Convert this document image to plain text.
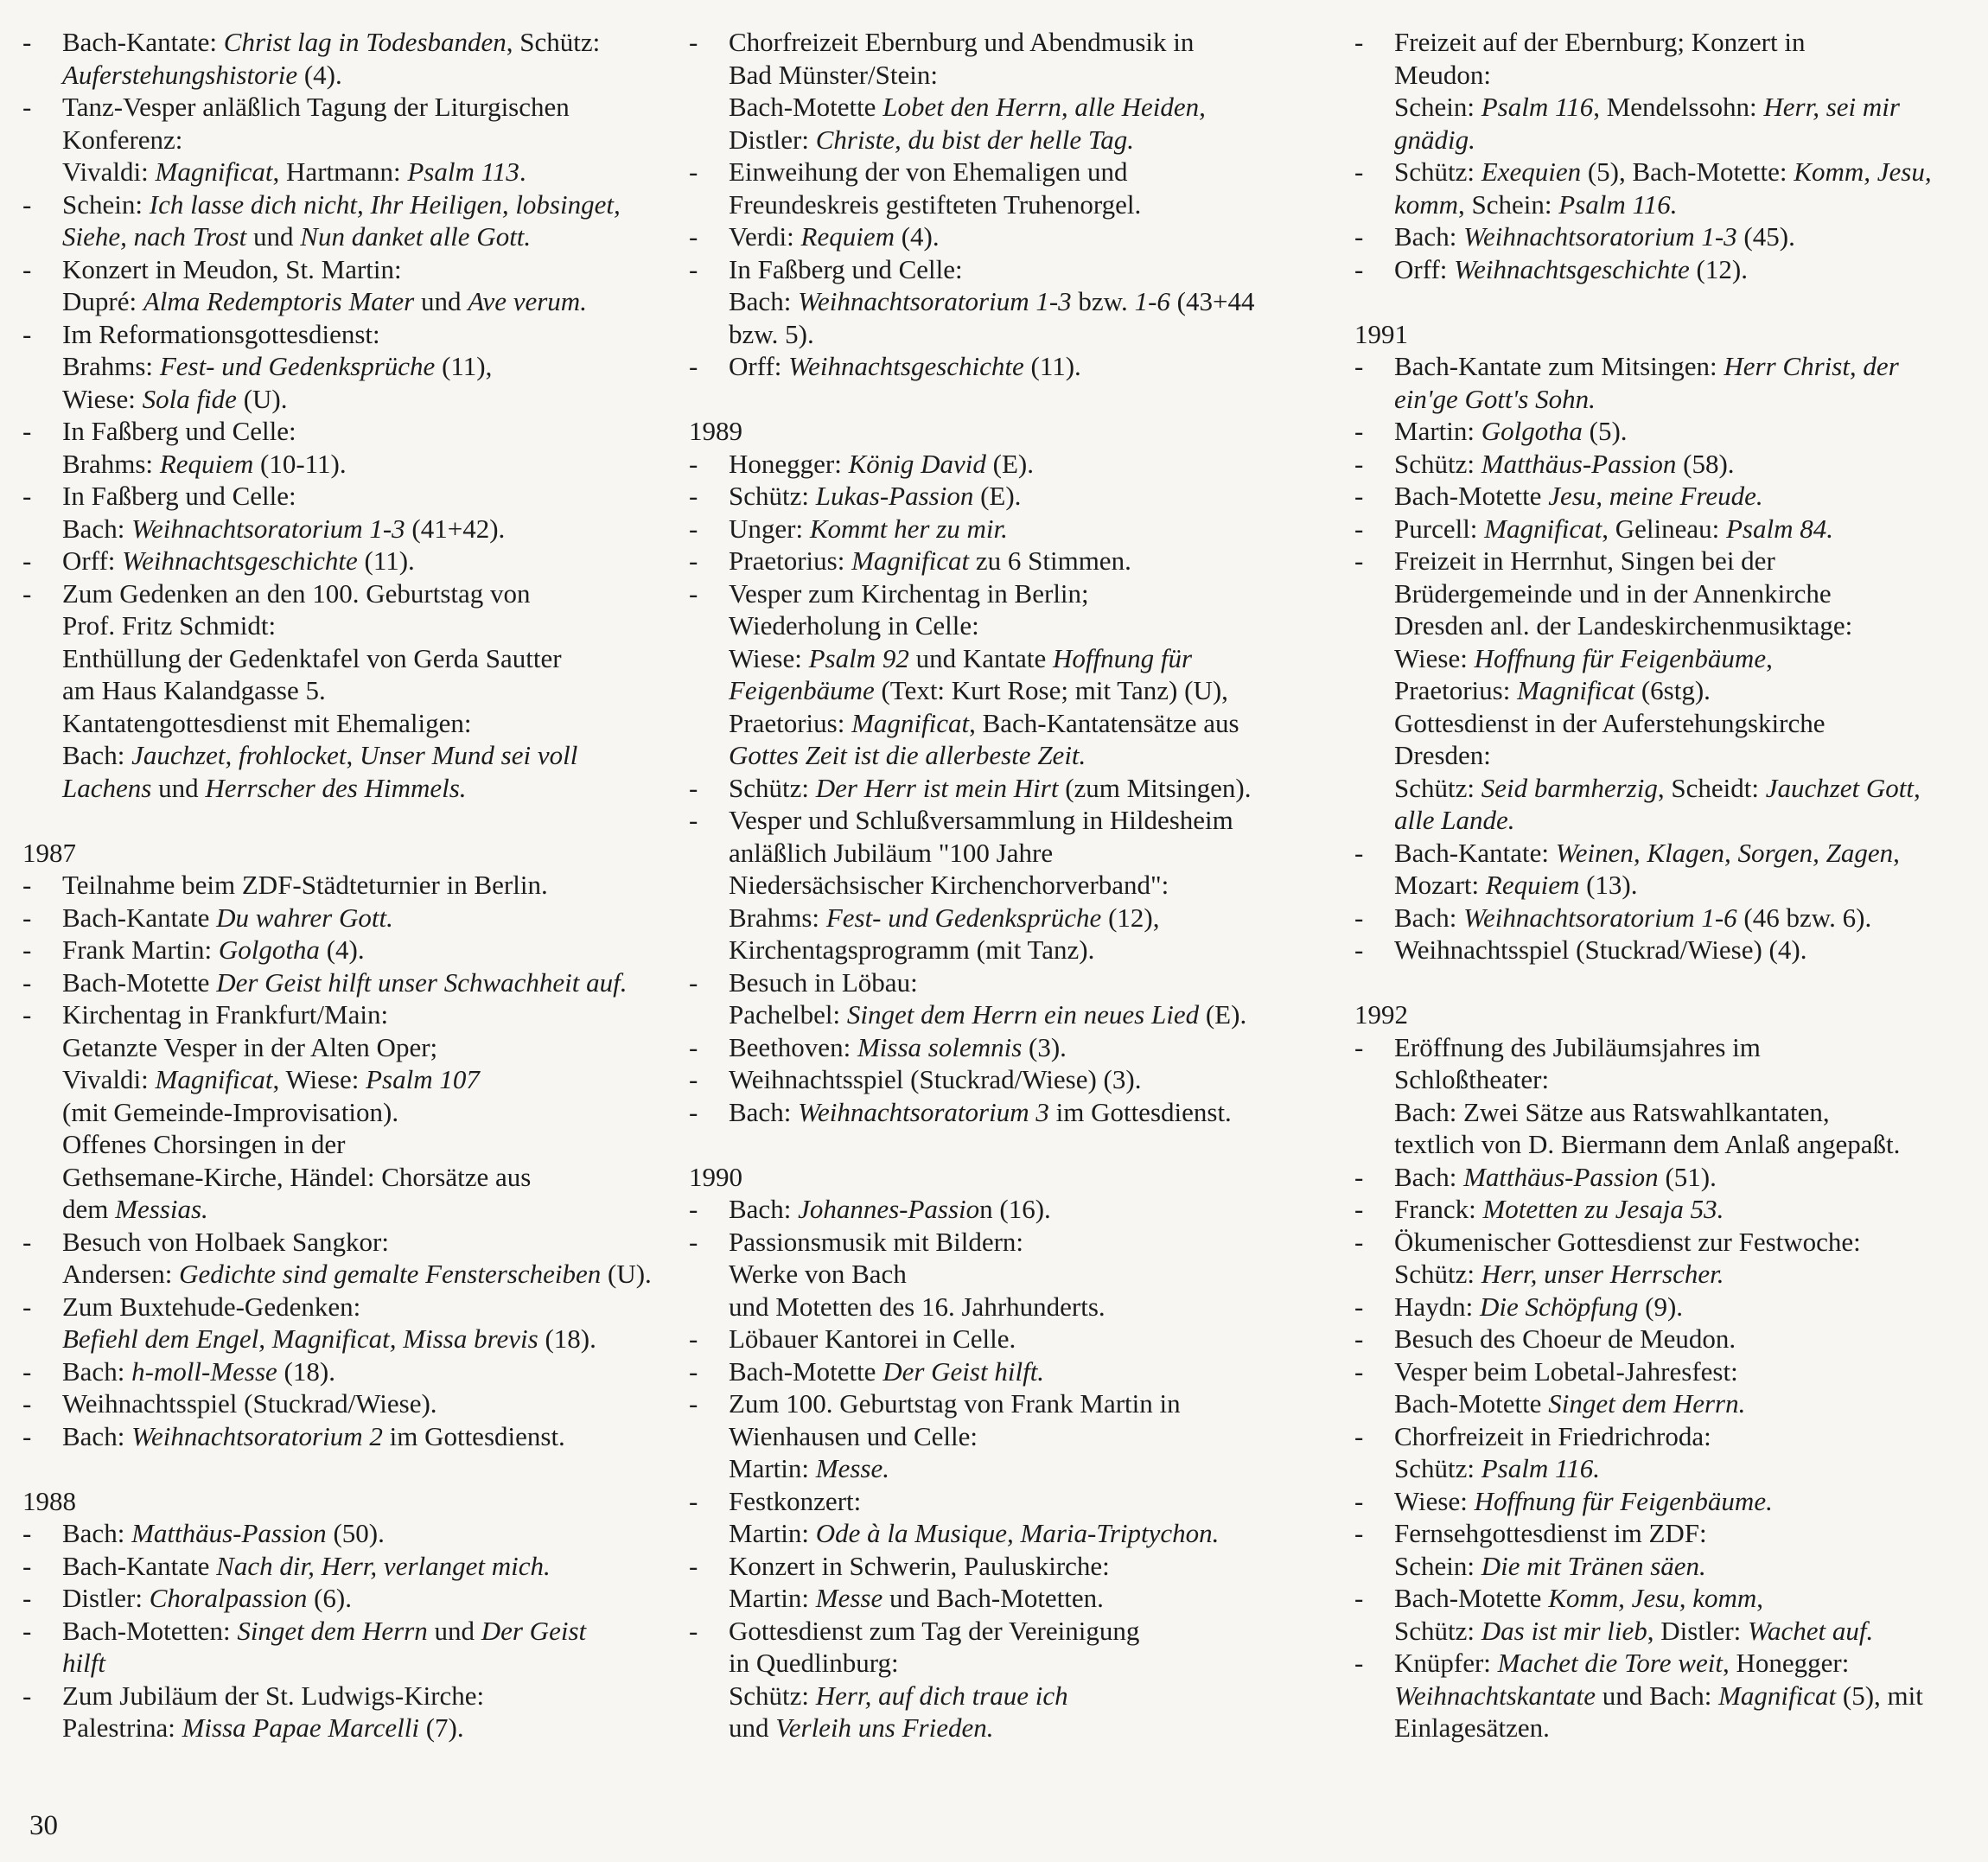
-	Bach-Kantate: Christ lag in Todesbanden, Schütz:
Auferstehungshistorie (4).
-	Tanz-Vesper anläßlich Tagung der Liturgischen
Konferenz:
Vivaldi: Magnificat, Hartmann: Psalm 113.
-	Schein: Ich lasse dich nicht, Ihr Heiligen, lobsinget,
Siehe, nach Trost und Nun danket alle Gott.
-	Konzert in Meudon, St. Martin:
Dupré: Alma Redemptoris Mater und Ave verum.
-	Im Reformationsgottesdienst:
Brahms: Fest- und Gedenksprüche (11),
Wiese: Sola fide (U).
-	In Faßberg und Celle:
Brahms: Requiem (10-11).
-	In Faßberg und Celle:
Bach: Weihnachtsoratorium 1-3 (41+42).
-	Orff: Weihnachtsgeschichte (11).
-	Zum Gedenken an den 100. Geburtstag von
Prof. Fritz Schmidt:
Enthüllung der Gedenktafel von Gerda Sautter
am Haus Kalandgasse 5.
Kantatengottesdienst mit Ehemaligen:
Bach: Jauchzet, frohlocket, Unser Mund sei voll
Lachens und Herrscher des Himmels.
1987
-	Teilnahme beim ZDF-Städteturnier in Berlin.
-	Bach-Kantate Du wahrer Gott.
-	Frank Martin: Golgotha (4).
-	Bach-Motette Der Geist hilft unser Schwachheit auf.
-	Kirchentag in Frankfurt/Main:
Getanzte Vesper in der Alten Oper;
Vivaldi: Magnificat, Wiese: Psalm 107
(mit Gemeinde-Improvisation).
Offenes Chorsingen in der
Gethsemane-Kirche, Händel: Chorsätze aus
dem Messias.
-	Besuch von Holbaek Sangkor:
Andersen: Gedichte sind gemalte Fensterscheiben (U).
-	Zum Buxtehude-Gedenken:
Befiehl dem Engel, Magnificat, Missa brevis (18).
-	Bach: h-moll-Messe (18).
-	Weihnachtsspiel (Stuckrad/Wiese).
-	Bach: Weihnachtsoratorium 2 im Gottesdienst.
1988
-	Bach: Matthäus-Passion (50).
-	Bach-Kantate Nach dir, Herr, verlanget mich.
-	Distler: Choralpassion (6).
-	Bach-Motetten: Singet dem Herrn und Der Geist
hilft
-	Zum Jubiläum der St. Ludwigs-Kirche:
Palestrina: Missa Papae Marcelli (7).
-	Chorfreizeit Ebernburg und Abendmusik in
Bad Münster/Stein:
Bach-Motette Lobet den Herrn, alle Heiden,
Distler: Christe, du bist der helle Tag.
-	Einweihung der von Ehemaligen und
Freundeskreis gestifteten Truhenorgel.
-	Verdi: Requiem (4).
-	In Faßberg und Celle:
Bach: Weihnachtsoratorium 1-3 bzw. 1-6 (43+44
bzw. 5).
-	Orff: Weihnachtsgeschichte (11).
1989
-	Honegger: König David (E).
-	Schütz: Lukas-Passion (E).
-	Unger: Kommt her zu mir.
-	Praetorius: Magnificat zu 6 Stimmen.
-	Vesper zum Kirchentag in Berlin;
Wiederholung in Celle:
Wiese: Psalm 92 und Kantate Hoffnung für
Feigenbäume (Text: Kurt Rose; mit Tanz) (U),
Praetorius: Magnificat, Bach-Kantatensätze aus
Gottes Zeit ist die allerbeste Zeit.
-	Schütz: Der Herr ist mein Hirt (zum Mitsingen).
-	Vesper und Schlußversammlung in Hildesheim
anläßlich Jubiläum "100 Jahre
Niedersächsischer Kirchenchorverband":
Brahms: Fest- und Gedenksprüche (12),
Kirchentagsprogramm (mit Tanz).
-	Besuch in Löbau:
Pachelbel: Singet dem Herrn ein neues Lied (E).
-	Beethoven: Missa solemnis (3).
-	Weihnachtsspiel (Stuckrad/Wiese) (3).
-	Bach: Weihnachtsoratorium 3 im Gottesdienst.
1990
-	Bach: Johannes-Passion (16).
-	Passionsmusik mit Bildern:
Werke von Bach
und Motetten des 16. Jahrhunderts.
-	Löbauer Kantorei in Celle.
-	Bach-Motette Der Geist hilft.
-	Zum 100. Geburtstag von Frank Martin in
Wienhausen und Celle:
Martin: Messe.
-	Festkonzert:
Martin: Ode à la Musique, Maria-Triptychon.
-	Konzert in Schwerin, Pauluskirche:
Martin: Messe und Bach-Motetten.
-	Gottesdienst zum Tag der Vereinigung
in Quedlinburg:
Schütz: Herr, auf dich traue ich
und Verleih uns Frieden.
-	Freizeit auf der Ebernburg; Konzert in
Meudon:
Schein: Psalm 116, Mendelssohn: Herr, sei mir
gnädig.
-	Schütz: Exequien (5), Bach-Motette: Komm, Jesu,
komm, Schein: Psalm 116.
-	Bach: Weihnachtsoratorium 1-3 (45).
-	Orff: Weihnachtsgeschichte (12).
1991
-	Bach-Kantate zum Mitsingen: Herr Christ, der
ein'ge Gott's Sohn.
-	Martin: Golgotha (5).
-	Schütz: Matthäus-Passion (58).
-	Bach-Motette Jesu, meine Freude.
-	Purcell: Magnificat, Gelineau: Psalm 84.
-	Freizeit in Herrnhut, Singen bei der
Brüdergemeinde und in der Annenkirche
Dresden anl. der Landeskirchenmusiktage:
Wiese: Hoffnung für Feigenbäume,
Praetorius: Magnificat (6stg).
Gottesdienst in der Auferstehungskirche
Dresden:
Schütz: Seid barmherzig, Scheidt: Jauchzet Gott,
alle Lande.
-	Bach-Kantate: Weinen, Klagen, Sorgen, Zagen,
Mozart: Requiem (13).
-	Bach: Weihnachtsoratorium 1-6 (46 bzw. 6).
-	Weihnachtsspiel (Stuckrad/Wiese) (4).
1992
-	Eröffnung des Jubiläumsjahres im
Schloßtheater:
Bach: Zwei Sätze aus Ratswahlkantaten,
textlich von D. Biermann dem Anlaß angepaßt.
-	Bach: Matthäus-Passion (51).
-	Franck: Motetten zu Jesaja 53.
-	Ökumenischer Gottesdienst zur Festwoche:
Schütz: Herr, unser Herrscher.
-	Haydn: Die Schöpfung (9).
-	Besuch des Choeur de Meudon.
-	Vesper beim Lobetal-Jahresfest:
Bach-Motette Singet dem Herrn.
-	Chorfreizeit in Friedrichroda:
Schütz: Psalm 116.
-	Wiese: Hoffnung für Feigenbäume.
-	Fernsehgottesdienst im ZDF:
Schein: Die mit Tränen säen.
-	Bach-Motette Komm, Jesu, komm,
Schütz: Das ist mir lieb, Distler: Wachet auf.
-	Knüpfer: Machet die Tore weit, Honegger:
Weihnachtskantate und Bach: Magnificat (5), mit
Einlagesätzen.
30
